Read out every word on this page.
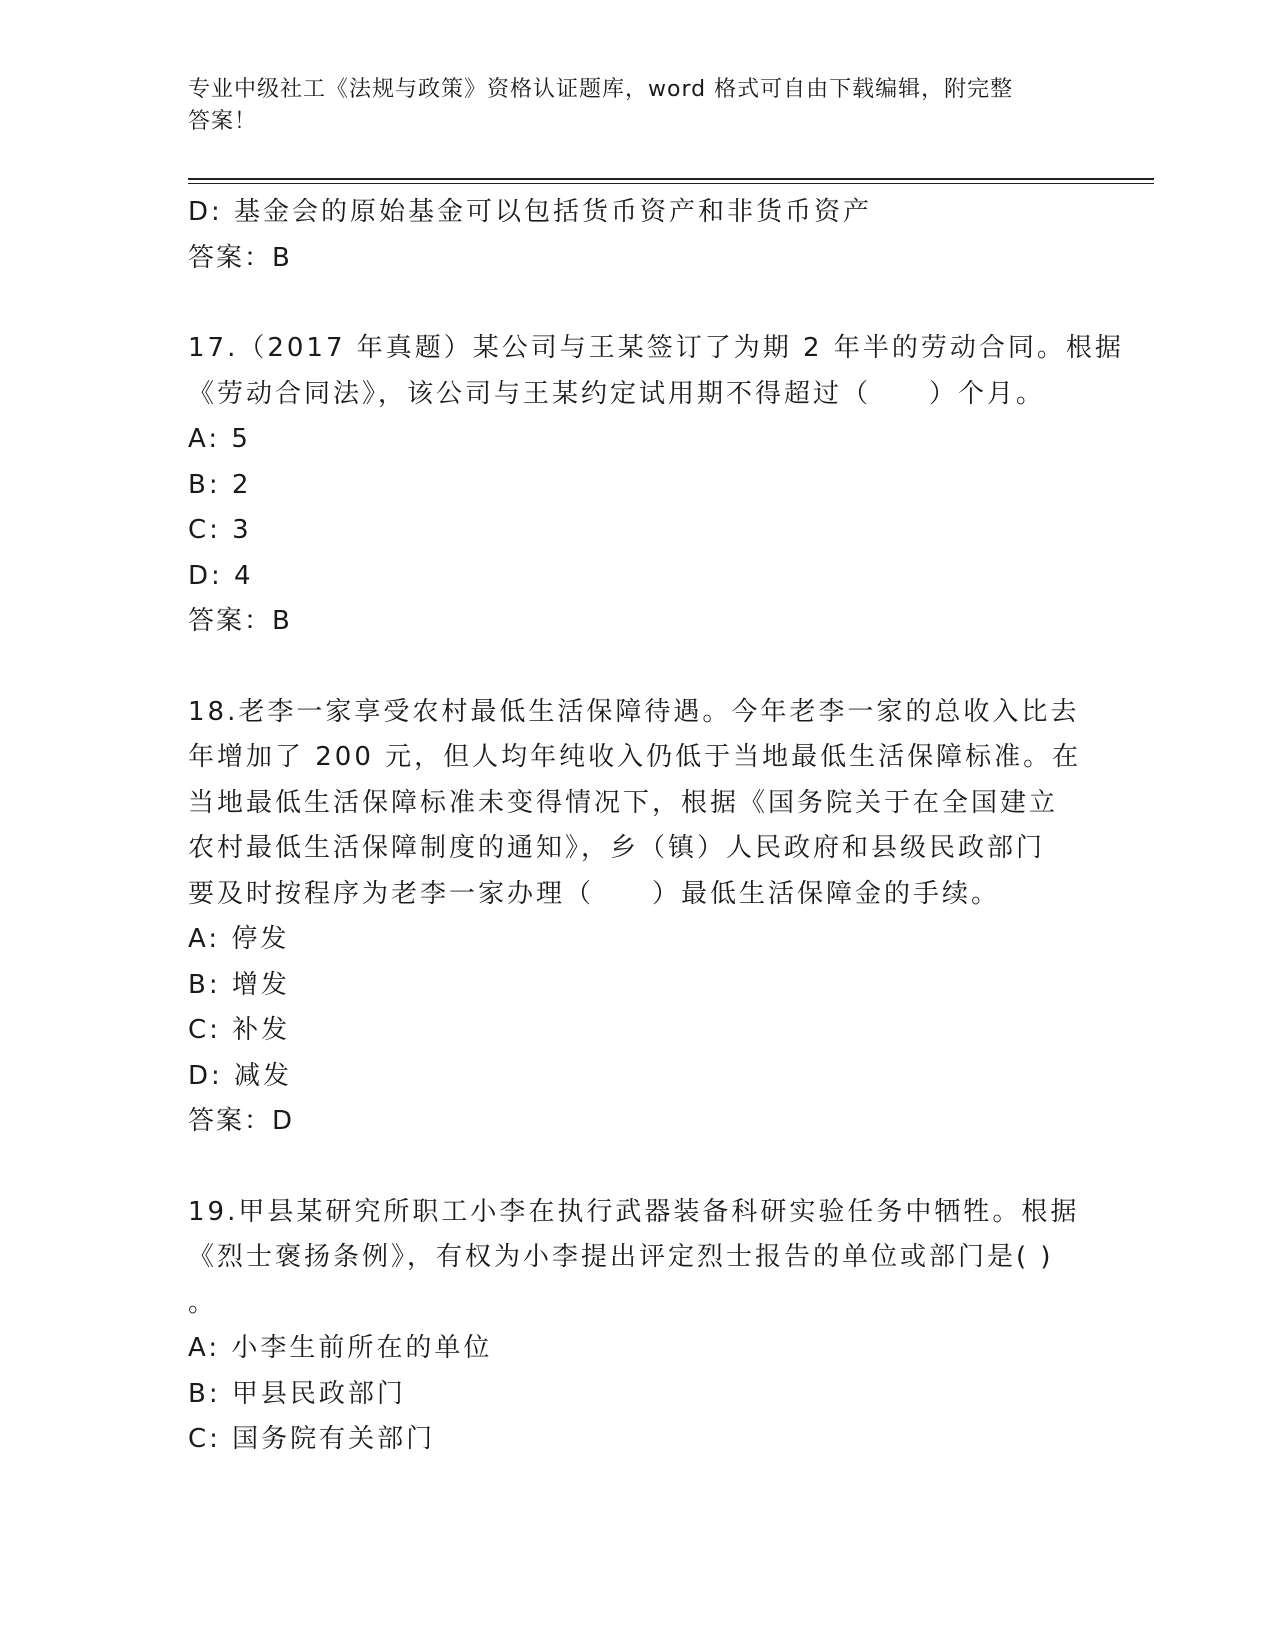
专业中级社工《法规与政策》资格认证题库，word 格式可自由下载编辑，附完整
答案！
D: 基金会的原始基金可以包括货币资产和非货币资产
答案：B
17.（2017 年真题）某公司与王某签订了为期 2 年半的劳动合同。根据
《劳动合同法》，该公司与王某约定试用期不得超过（　　）个月。
A: 5
B: 2
C: 3
D: 4
答案：B
18.老李一家享受农村最低生活保障待遇。今年老李一家的总收入比去
年增加了 200 元，但人均年纯收入仍低于当地最低生活保障标准。在
当地最低生活保障标准未变得情况下，根据《国务院关于在全国建立
农村最低生活保障制度的通知》，乡（镇）人民政府和县级民政部门
要及时按程序为老李一家办理（　　）最低生活保障金的手续。
A: 停发
B: 增发
C: 补发
D: 减发
答案：D
19.甲县某研究所职工小李在执行武器装备科研实验任务中牺牲。根据
《烈士褒扬条例》，有权为小李提出评定烈士报告的单位或部门是( )
。
A: 小李生前所在的单位
B: 甲县民政部门
C: 国务院有关部门
